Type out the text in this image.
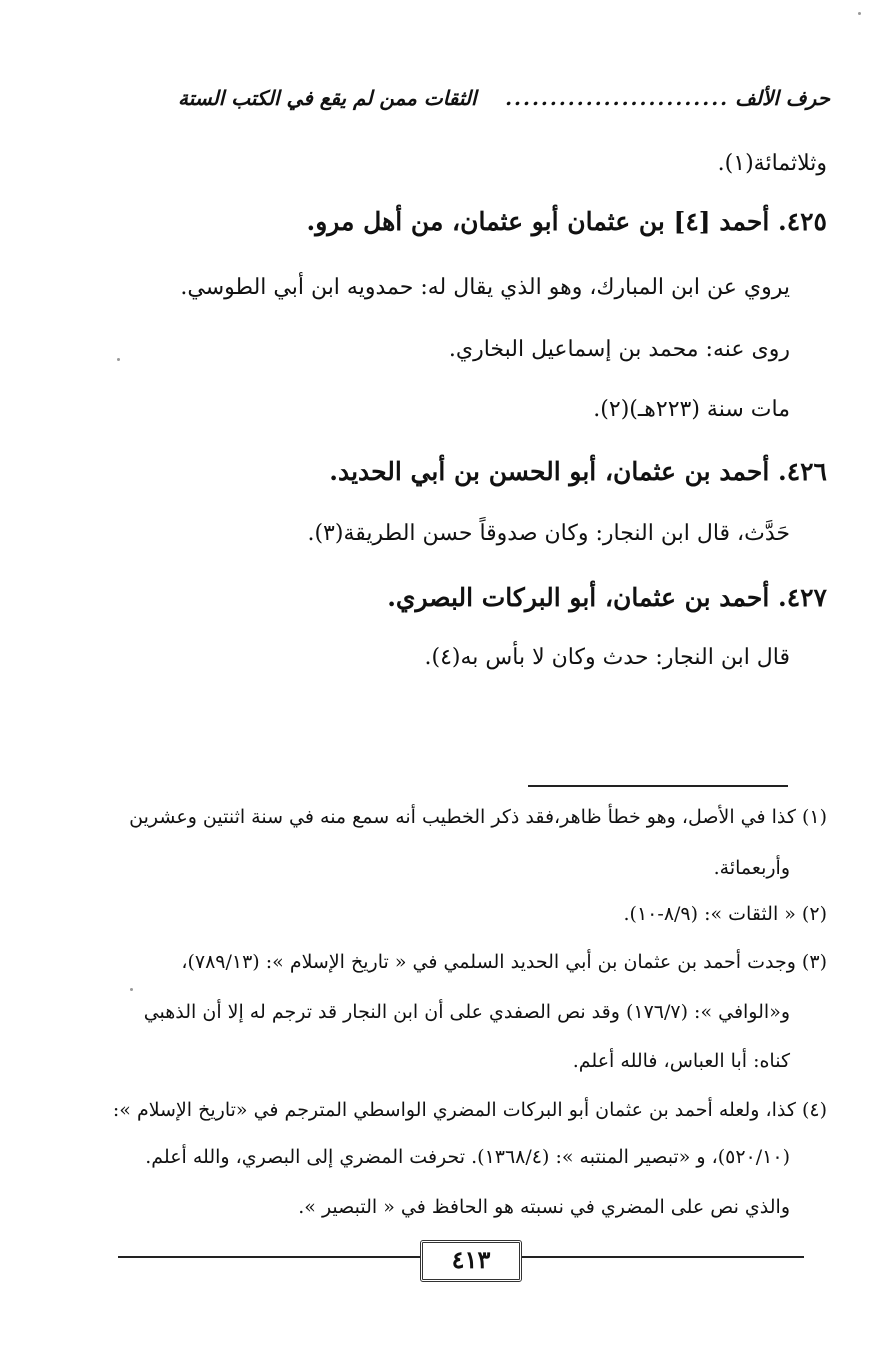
حرف الألف
.........................
الثقات ممن لم يقع في الكتب الستة
وثلاثمائة(١).
٤٢٥. أحمد [٤] بن عثمان أبو عثمان، من أهل مرو.
يروي عن ابن المبارك، وهو الذي يقال له: حمدويه ابن أبي الطوسي.
روى عنه: محمد بن إسماعيل البخاري.
مات سنة (٢٢٣هـ)(٢).
٤٢٦. أحمد بن عثمان، أبو الحسن بن أبي الحديد.
حَدَّث، قال ابن النجار: وكان صدوقاً حسن الطريقة(٣).
٤٢٧. أحمد بن عثمان، أبو البركات البصري.
قال ابن النجار: حدث وكان لا بأس به(٤).
(١) كذا في الأصل، وهو خطأ ظاهر،فقد ذكر الخطيب أنه سمع منه في سنة اثنتين وعشرين
وأربعمائة.
(٢) « الثقات »: (٨/٩-١٠).
(٣) وجدت أحمد بن عثمان بن أبي الحديد السلمي في « تاريخ الإسلام »: (٧٨٩/١٣)،
و«الوافي »: (١٧٦/٧) وقد نص الصفدي على أن ابن النجار قد ترجم له إلا أن الذهبي
كناه: أبا العباس، فالله أعلم.
(٤) كذا، ولعله أحمد بن عثمان أبو البركات المضري الواسطي المترجم في «تاريخ الإسلام »:
(٥٢٠/١٠)، و «تبصير المنتبه »: (١٣٦٨/٤). تحرفت المضري إلى البصري، والله أعلم.
والذي نص على المضري في نسبته هو الحافظ في « التبصير ».
٤١٣
